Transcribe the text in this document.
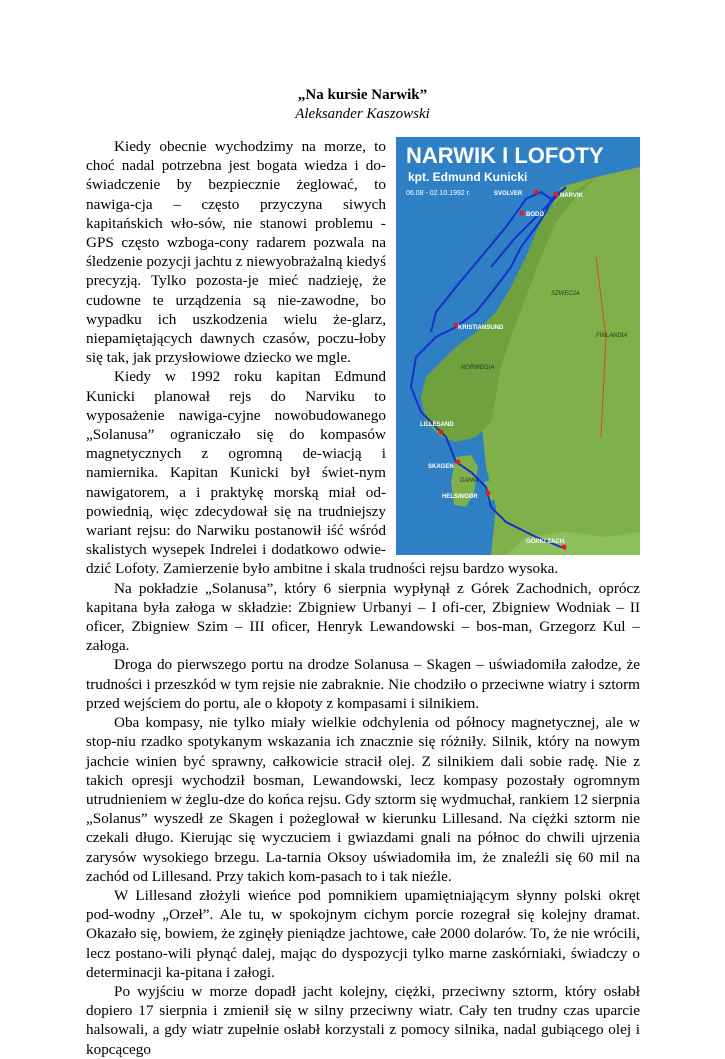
„Na kursie Narwik”
Aleksander Kaszowski
NARWIK I LOFOTY
kpt. Edmund Kunicki
06.08 - 02.10.1992 r.	SVOLVER	NARVIK
BODÖ
SZWECJA
KRISTIANSUND
FINLANDIA
NORWEGIA
LILLESAND
SKAGEN
DANIA
HELSINGØR
GÓRKI ZACH.

Kiedy obecnie wychodzimy na morze, to choć nadal potrzebna jest bogata wiedza i do-świadczenie by bezpiecznie żeglować, to nawiga-cja – często przyczyna siwych kapitańskich wło-sów, nie stanowi problemu - GPS często wzboga-cony radarem pozwala na śledzenie pozycji jachtu z niewyobrażalną kiedyś precyzją. Tylko pozosta-je mieć nadzieję, że cudowne te urządzenia są nie-zawodne, bo wypadku ich uszkodzenia wielu że-glarz, niepamiętających dawnych czasów, poczu-łoby się tak, jak przysłowiowe dziecko we mgle.

Kiedy w 1992 roku kapitan Edmund Kunicki planował rejs do Narviku to wyposażenie nawiga-cyjne nowobudowanego „Solanusa” ograniczało się do kompasów magnetycznych z ogromną de-wiacją i namiernika. Kapitan Kunicki był świet-nym nawigatorem, a i praktykę morską miał od-powiednią, więc zdecydował się na trudniejszy wariant rejsu: do Narwiku postanowił iść wśród skalistych wysepek Indrelei i dodatkowo odwie-dzić Lofoty. Zamierzenie było ambitne i skala trudności rejsu bardzo wysoka.

Na pokładzie „Solanusa”, który 6 sierpnia wypłynął z Górek Zachodnich, oprócz kapitana była załoga w składzie: Zbigniew Urbanyi – I ofi-cer, Zbigniew Wodniak – II oficer, Zbigniew Szim – III oficer, Henryk Lewandowski – bos-man, Grzegorz Kul – załoga.

Droga do pierwszego portu na drodze Solanusa – Skagen – uświadomiła załodze, że trudności i przeszkód w tym rejsie nie zabraknie. Nie chodziło o przeciwne wiatry i sztorm przed wejściem do portu, ale o kłopoty z kompasami i silnikiem.

Oba kompasy, nie tylko miały wielkie odchylenia od północy magnetycznej, ale w stop-niu rzadko spotykanym wskazania ich znacznie się różniły. Silnik, który na nowym jachcie winien być sprawny, całkowicie stracił olej. Z silnikiem dali sobie radę. Nie z takich opresji wychodził bosman, Lewandowski, lecz kompasy pozostały ogromnym utrudnieniem w żeglu-dze do końca rejsu. Gdy sztorm się wydmuchał, rankiem 12 sierpnia „Solanus” wyszedł ze Skagen i pożeglował w kierunku Lillesand. Na ciężki sztorm nie czekali długo. Kierując się wyczuciem i gwiazdami gnali na północ do chwili ujrzenia zarysów wysokiego brzegu. La-tarnia Oksoy uświadomiła im, że znaleźli się 60 mil na zachód od Lillesand. Przy takich kom-pasach to i tak nieźle.

W Lillesand złożyli wieńce pod pomnikiem upamiętniającym słynny polski okręt pod-wodny „Orzeł”. Ale tu, w spokojnym cichym porcie rozegrał się kolejny dramat. Okazało się, bowiem, że zginęły pieniądze jachtowe, całe 2000 dolarów. To, że nie wrócili, lecz postano-wili płynąć dalej, mając do dyspozycji tylko marne zaskórniaki, świadczy o determinacji ka-pitana i załogi.

Po wyjściu w morze dopadł jacht kolejny, ciężki, przeciwny sztorm, który osłabł dopiero 17 sierpnia i zmienił się w silny przeciwny wiatr. Cały ten trudny czas uparcie halsowali, a gdy wiatr zupełnie osłabł korzystali z pomocy silnika, nadal gubiącego olej i kopcącego
